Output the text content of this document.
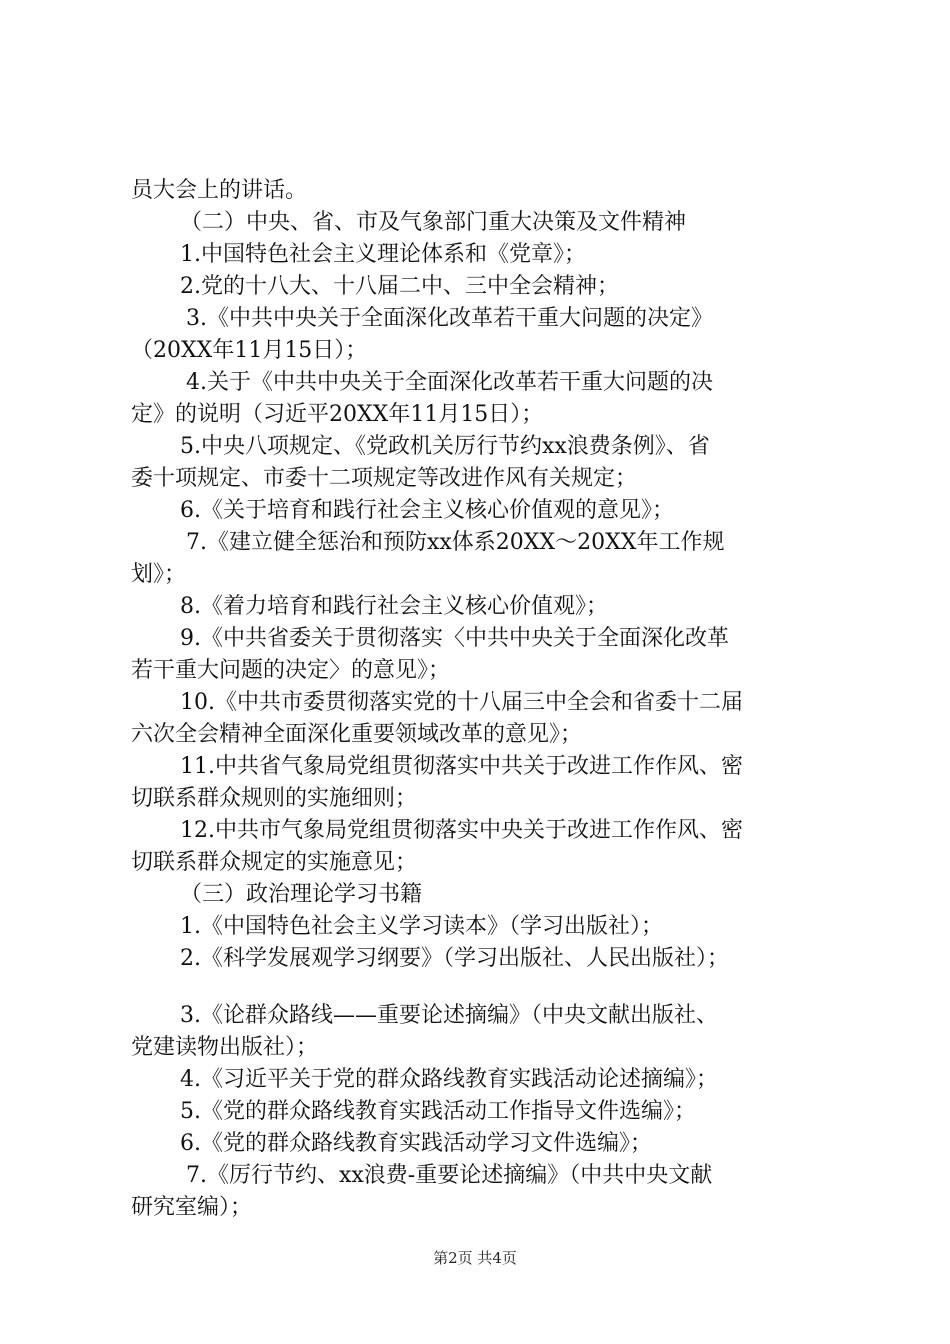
员大会上的讲话。
（二）中央、省、市及气象部门重大决策及文件精神
1.中国特色社会主义理论体系和《党章》；
2.党的十八大、十八届二中、三中全会精神；
3.《中共中央关于全面深化改革若干重大问题的决定》
（20XX年11月15日）；
4.关于《中共中央关于全面深化改革若干重大问题的决
定》的说明（习近平20XX年11月15日）；
5.中央八项规定、《党政机关厉行节约xx浪费条例》、省
委十项规定、市委十二项规定等改进作风有关规定；
6.《关于培育和践行社会主义核心价值观的意见》；
7.《建立健全惩治和预防xx体系20XX～20XX年工作规
划》；
8.《着力培育和践行社会主义核心价值观》；
9.《中共省委关于贯彻落实〈中共中央关于全面深化改革
若干重大问题的决定〉的意见》；
10.《中共市委贯彻落实党的十八届三中全会和省委十二届
六次全会精神全面深化重要领域改革的意见》；
11.中共省气象局党组贯彻落实中共关于改进工作作风、密
切联系群众规则的实施细则；
12.中共市气象局党组贯彻落实中央关于改进工作作风、密
切联系群众规定的实施意见；
（三）政治理论学习书籍
1.《中国特色社会主义学习读本》（学习出版社）；
2.《科学发展观学习纲要》（学习出版社、人民出版社）；
3.《论群众路线——重要论述摘编》（中央文献出版社、
党建读物出版社）；
4.《习近平关于党的群众路线教育实践活动论述摘编》；
5.《党的群众路线教育实践活动工作指导文件选编》；
6.《党的群众路线教育实践活动学习文件选编》；
7.《厉行节约、xx浪费-重要论述摘编》（中共中央文献
研究室编）；
第2页 共4页
